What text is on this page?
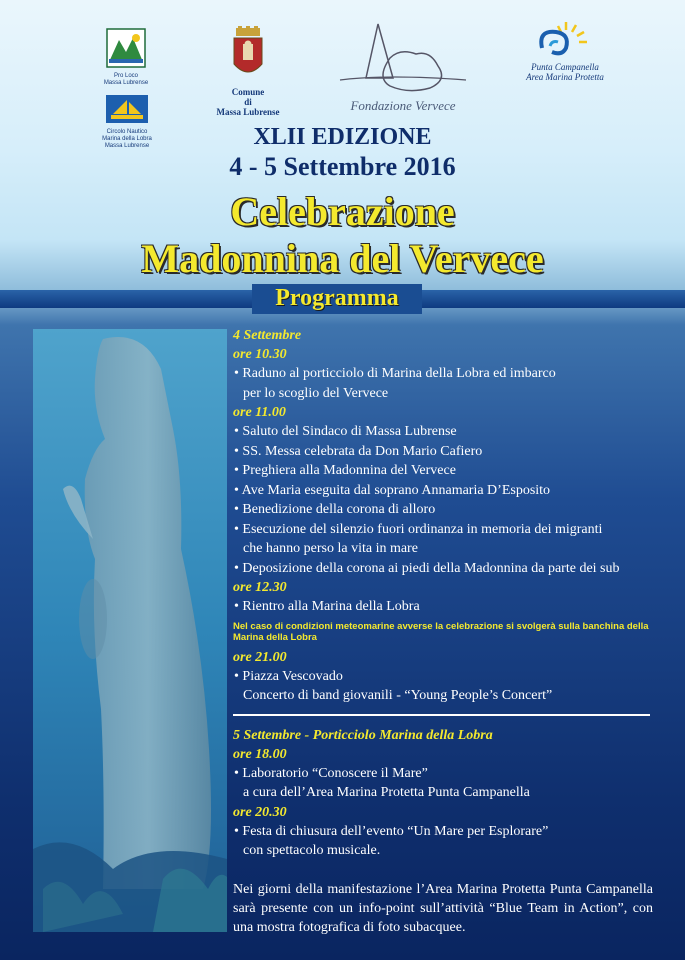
Pro Loco
Massa Lubrense
Circolo Nautico
Marina della Lobra
Massa Lubrense
Comune
di
Massa Lubrense	Fondazione Vervece
Punta Campanella
Area Marina Protetta
XLII EDIZIONE
4 - 5 Settembre 2016
Celebrazione
Madonnina del Vervece
Programma
4 Settembre
ore 10.30
• Raduno al porticciolo di Marina della Lobra ed imbarco
per lo scoglio del Vervece
ore 11.00
• Saluto del Sindaco di Massa Lubrense
• SS. Messa celebrata da Don Mario Cafiero
• Preghiera alla Madonnina del Vervece
• Ave Maria eseguita dal soprano Annamaria D’Esposito
• Benedizione della corona di alloro
• Esecuzione del silenzio fuori ordinanza in memoria dei migranti
che hanno perso la vita in mare
• Deposizione della corona ai piedi della Madonnina da parte dei sub
ore 12.30
• Rientro alla Marina della Lobra
Nel caso di condizioni meteomarine avverse la celebrazione si svolgerà sulla banchina della Marina della Lobra
ore 21.00
• Piazza Vescovado
Concerto di band giovanili - “Young People’s Concert”
5 Settembre - Porticciolo Marina della Lobra
ore 18.00
• Laboratorio “Conoscere il Mare”
a cura dell’Area Marina Protetta Punta Campanella
ore 20.30
• Festa di chiusura dell’evento “Un Mare per Esplorare”
con spettacolo musicale.
Nei giorni della manifestazione l’Area Marina Protetta Punta Campanella sarà presente con un info-point sull’attività “Blue Team in Action”, con una mostra fotografica di foto subacquee.
